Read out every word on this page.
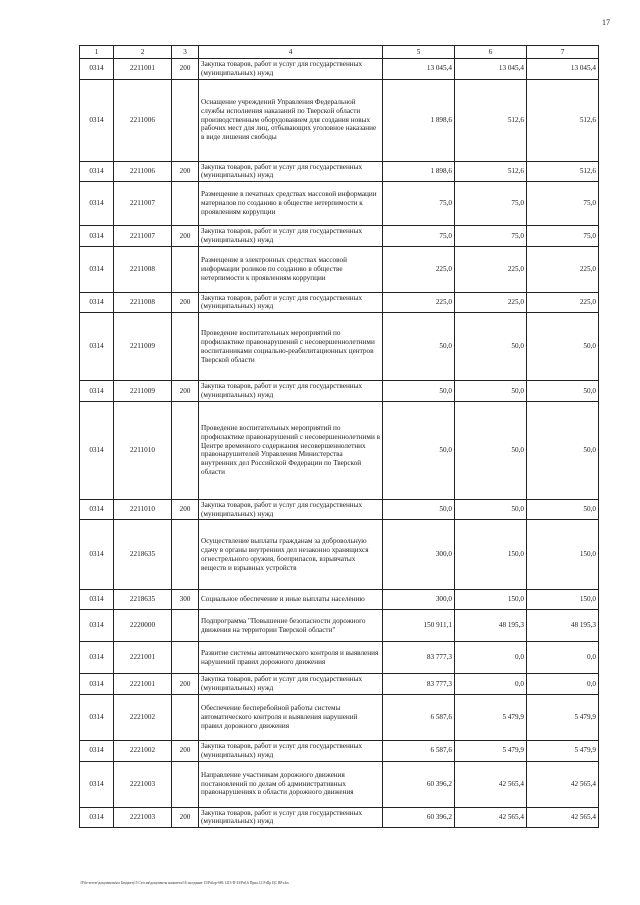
17
1	2	3	4	5	6	7
0314	2211001	200	Закупка товаров, работ и услуг для государственных (муниципальных) нужд	13 045,4	13 045,4	13 045,4
0314	2211006		Оснащение учреждений Управления Федеральной службы исполнения наказаний по Тверской области производственным оборудованием для создания новых рабочих мест для лиц, отбывающих уголовное наказание в виде лишения свободы	1 898,6	512,6	512,6
0314	2211006	200	Закупка товаров, работ и услуг для государственных (муниципальных) нужд	1 898,6	512,6	512,6
0314	2211007		Размещение в печатных средствах массовой информации материалов по созданию в обществе нетерпимости к проявлениям коррупции	75,0	75,0	75,0
0314	2211007	200	Закупка товаров, работ и услуг для государственных (муниципальных) нужд	75,0	75,0	75,0
0314	2211008		Размещение в электронных средствах массовой информации роликов по созданию в обществе нетерпимости к проявлениям коррупции	225,0	225,0	225,0
0314	2211008	200	Закупка товаров, работ и услуг для государственных (муниципальных) нужд	225,0	225,0	225,0
0314	2211009		Проведение воспитательных мероприятий по профилактике правонарушений с несовершеннолетними воспитанниками социально-реабилитационных центров Тверской области	50,0	50,0	50,0
0314	2211009	200	Закупка товаров, работ и услуг для государственных (муниципальных) нужд	50,0	50,0	50,0
0314	2211010		Проведение воспитательных мероприятий по профилактике правонарушений с несовершеннолетними в Центре временного содержания несовершеннолетних правонарушителей Управления Министерства внутренних дел Российской Федерации по Тверской области	50,0	50,0	50,0
0314	2211010	200	Закупка товаров, работ и услуг для государственных (муниципальных) нужд	50,0	50,0	50,0
0314	2218635		Осуществление выплаты гражданам за добровольную сдачу в органы внутренних дел незаконно хранящихся огнестрельного оружия, боеприпасов, взрывчатых веществ и взрывных устройств	300,0	150,0	150,0
0314	2218635	300	Социальное обеспечение и иные выплаты населению	300,0	150,0	150,0
0314	2220000		Подпрограмма "Повышение безопасности дорожного движения на территории Тверской области"	150 911,1	48 195,3	48 195,3
0314	2221001		Развитие системы автоматического контроля и выявления нарушений правил дорожного движения	83 777,3	0,0	0,0
0314	2221001	200	Закупка товаров, работ и услуг для государственных (муниципальных) нужд	83 777,3	0,0	0,0
0314	2221002		Обеспечение бесперебойной работы системы автоматического контроля и выявления нарушений правил дорожного движения	6 587,6	5 479,9	5 479,9
0314	2221002	200	Закупка товаров, работ и услуг для государственных (муниципальных) нужд	6 587,6	5 479,9	5 479,9
0314	2221003		Направление участникам дорожного движения постановлений по делам об административных правонарушениях в области дорожного движения	60 396,2	42 565,4	42 565,4
0314	2221003	200	Закупка товаров, работ и услуг для государственных (муниципальных) нужд	60 396,2	42 565,4	42 565,4
\\File-server\документы\по Бюджету\5 Сессия\документы комитета\16 заседание 15\Prilop-686 1213-П-ЗЗ\Pril.6 Прил.12 РзПр ЦС ВР.xlsx
